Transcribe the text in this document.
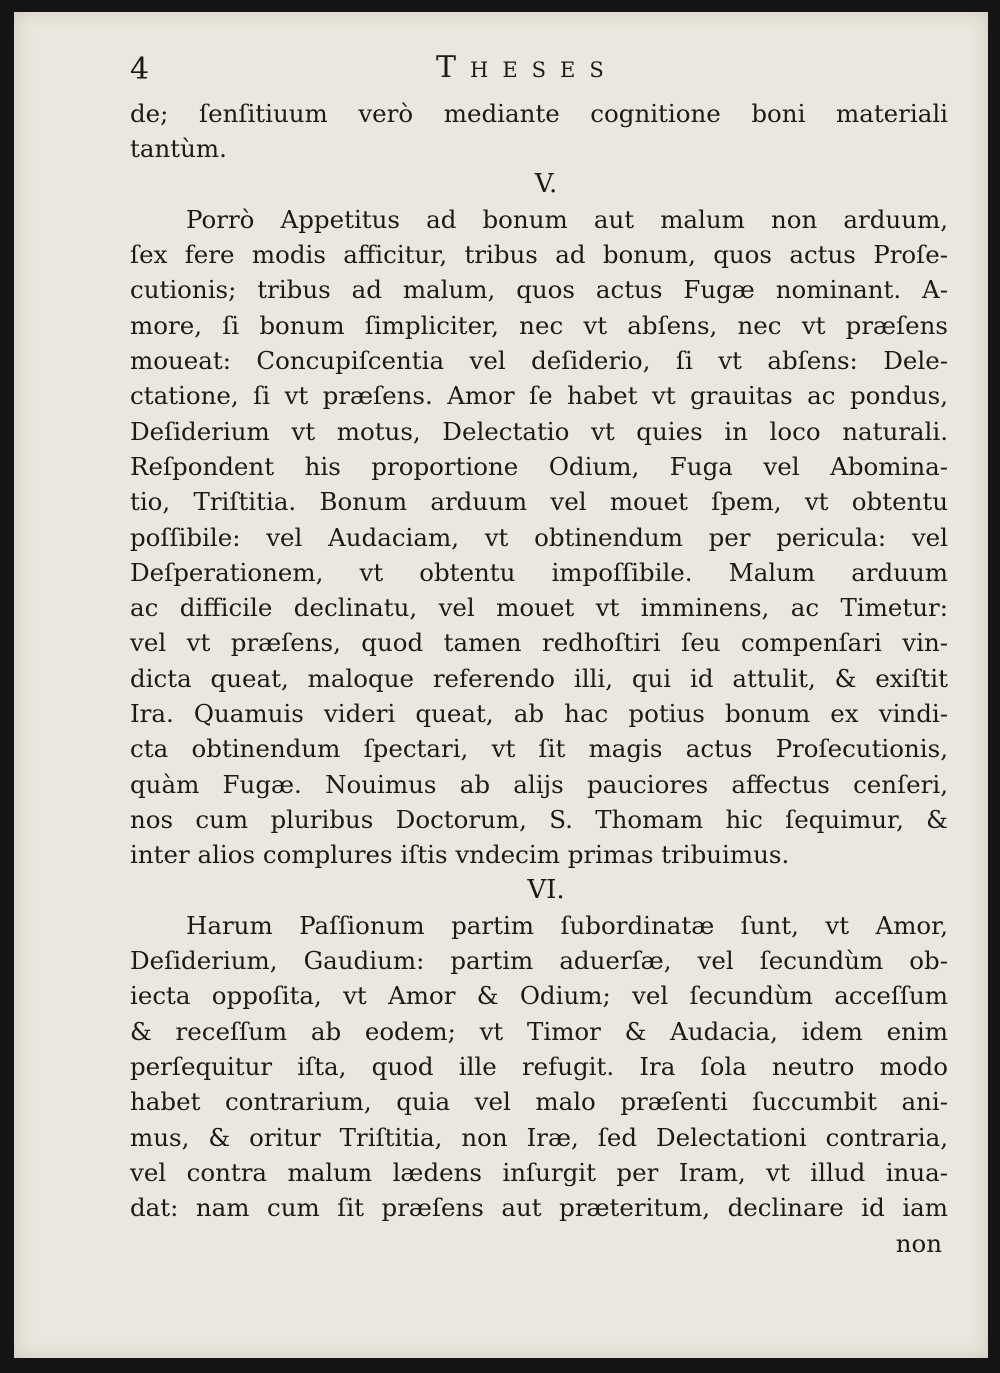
4	Theses
de; ſenſitiuum verò mediante cognitione boni materiali
tantùm.
V.
Porrò Appetitus ad bonum aut malum non arduum,
ſex fere modis afficitur, tribus ad bonum, quos actus Proſe-
cutionis; tribus ad malum, quos actus Fugæ nominant. A-
more, ſi bonum ſimpliciter, nec vt abſens, nec vt præſens
moueat: Concupiſcentia vel deſiderio, ſi vt abſens: Dele-
ctatione, ſi vt præſens. Amor ſe habet vt grauitas ac pondus,
Deſiderium vt motus, Delectatio vt quies in loco naturali.
Reſpondent his proportione Odium, Fuga vel Abomina-
tio, Triſtitia. Bonum arduum vel mouet ſpem, vt obtentu
poſſibile: vel Audaciam, vt obtinendum per pericula: vel
Deſperationem, vt obtentu impoſſibile. Malum arduum
ac difficile declinatu, vel mouet vt imminens, ac Timetur:
vel vt præſens, quod tamen redhoſtiri ſeu compenſari vin-
dicta queat, maloque referendo illi, qui id attulit, & exiſtit
Ira. Quamuis videri queat, ab hac potius bonum ex vindi-
cta obtinendum ſpectari, vt ſit magis actus Proſecutionis,
quàm Fugæ. Nouimus ab alijs pauciores affectus cenſeri,
nos cum pluribus Doctorum, S. Thomam hic ſequimur, &
inter alios complures iſtis vndecim primas tribuimus.
VI.
Harum Paſſionum partim ſubordinatæ ſunt, vt Amor,
Deſiderium, Gaudium: partim aduerſæ, vel ſecundùm ob-
iecta oppoſita, vt Amor & Odium; vel ſecundùm acceſſum
& receſſum ab eodem; vt Timor & Audacia, idem enim
perſequitur iſta, quod ille refugit. Ira ſola neutro modo
habet contrarium, quia vel malo præſenti ſuccumbit ani-
mus, & oritur Triſtitia, non Iræ, ſed Delectationi contraria,
vel contra malum lædens inſurgit per Iram, vt illud inua-
dat: nam cum ſit præſens aut præteritum, declinare id iam
non
